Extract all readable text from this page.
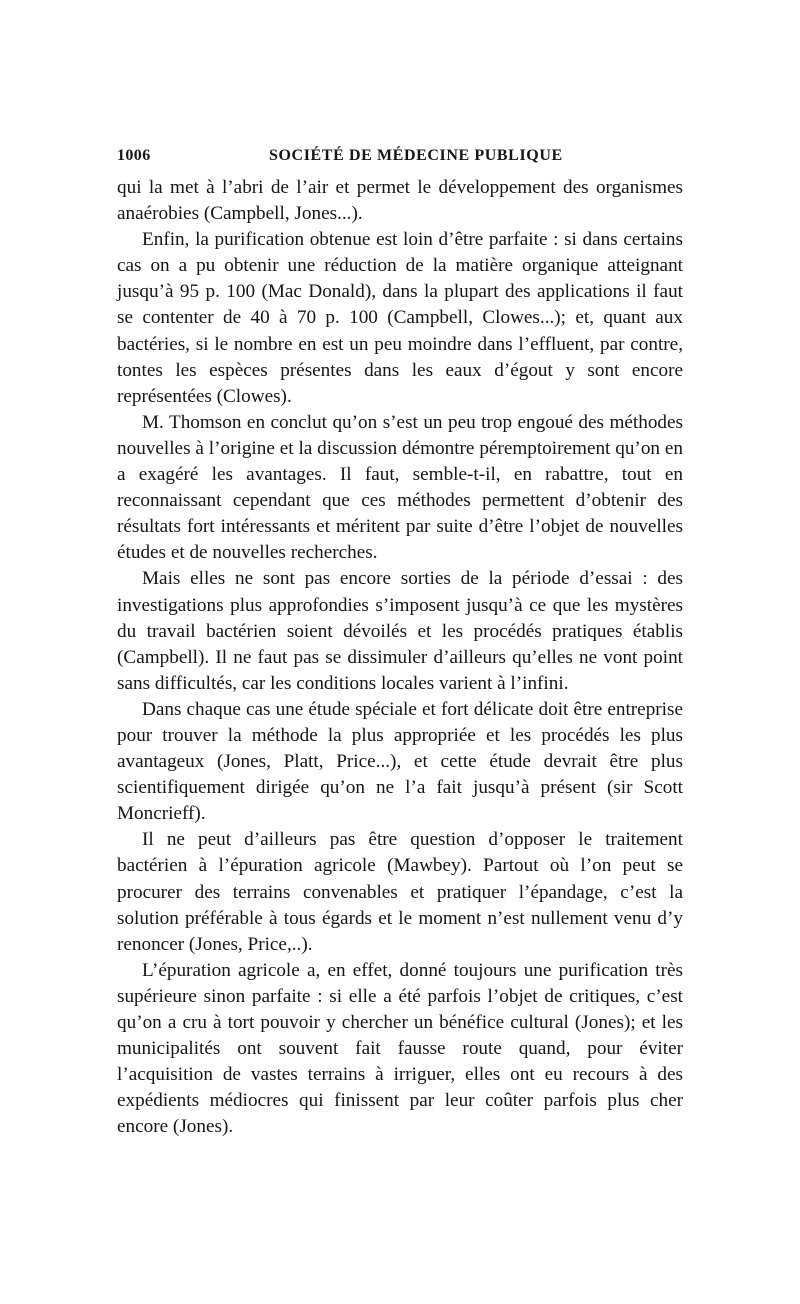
1006	SOCIÉTÉ DE MÉDECINE PUBLIQUE

qui la met à l’abri de l’air et permet le développement des organismes anaérobies (Campbell, Jones...).

Enfin, la purification obtenue est loin d’être parfaite : si dans certains cas on a pu obtenir une réduction de la matière organique atteignant jusqu’à 95 p. 100 (Mac Donald), dans la plupart des applications il faut se contenter de 40 à 70 p. 100 (Campbell, Clowes...); et, quant aux bactéries, si le nombre en est un peu moindre dans l’effluent, par contre, tontes les espèces présentes dans les eaux d’égout y sont encore représentées (Clowes).

M. Thomson en conclut qu’on s’est un peu trop engoué des méthodes nouvelles à l’origine et la discussion démontre péremptoirement qu’on en a exagéré les avantages. Il faut, semble-t-il, en rabattre, tout en reconnaissant cependant que ces méthodes permettent d’obtenir des résultats fort intéressants et méritent par suite d’être l’objet de nouvelles études et de nouvelles recherches.

Mais elles ne sont pas encore sorties de la période d’essai : des investigations plus approfondies s’imposent jusqu’à ce que les mystères du travail bactérien soient dévoilés et les procédés pratiques établis (Campbell). Il ne faut pas se dissimuler d’ailleurs qu’elles ne vont point sans difficultés, car les conditions locales varient à l’infini.

Dans chaque cas une étude spéciale et fort délicate doit être entreprise pour trouver la méthode la plus appropriée et les procédés les plus avantageux (Jones, Platt, Price...), et cette étude devrait être plus scientifiquement dirigée qu’on ne l’a fait jusqu’à présent (sir Scott Moncrieff).

Il ne peut d’ailleurs pas être question d’opposer le traitement bactérien à l’épuration agricole (Mawbey). Partout où l’on peut se procurer des terrains convenables et pratiquer l’épandage, c’est la solution préférable à tous égards et le moment n’est nullement venu d’y renoncer (Jones, Price,..).

L’épuration agricole a, en effet, donné toujours une purification très supérieure sinon parfaite : si elle a été parfois l’objet de critiques, c’est qu’on a cru à tort pouvoir y chercher un bénéfice cultural (Jones); et les municipalités ont souvent fait fausse route quand, pour éviter l’acquisition de vastes terrains à irriguer, elles ont eu recours à des expédients médiocres qui finissent par leur coûter parfois plus cher encore (Jones).
